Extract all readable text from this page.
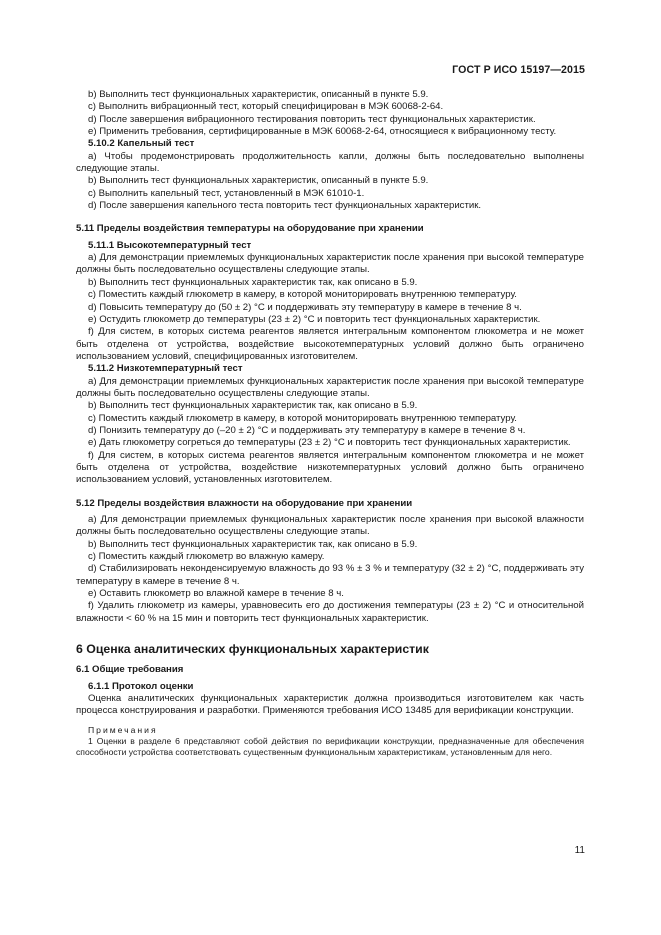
ГОСТ Р ИСО 15197—2015

b) Выполнить тест функциональных характеристик, описанный в пункте 5.9.

c) Выполнить вибрационный тест, который специфицирован в МЭК 60068-2-64.

d) После завершения вибрационного тестирования повторить тест функциональных характеристик.

e) Применить требования, сертифицированные в МЭК 60068-2-64, относящиеся к вибрационному тесту.

5.10.2 Капельный тест

a) Чтобы продемонстрировать продолжительность капли, должны быть последовательно выполнены следующие этапы.

b) Выполнить тест функциональных характеристик, описанный в пункте 5.9.

c) Выполнить капельный тест, установленный в МЭК 61010-1.

d) После завершения капельного теста повторить тест функциональных характеристик.

5.11 Пределы воздействия температуры на оборудование при хранении

5.11.1 Высокотемпературный тест

a) Для демонстрации приемлемых функциональных характеристик после хранения при высокой температуре должны быть последовательно осуществлены следующие этапы.

b) Выполнить тест функциональных характеристик так, как описано в 5.9.

c) Поместить каждый глюкометр в камеру, в которой мониторировать внутреннюю температуру.

d) Повысить температуру до (50 ± 2) °С и поддерживать эту температуру в камере в течение 8 ч.

e) Остудить глюкометр до температуры (23 ± 2) °С и повторить тест функциональных характеристик.

f) Для систем, в которых система реагентов является интегральным компонентом глюкометра и не может быть отделена от устройства, воздействие высокотемпературных условий должно быть ограничено использованием условий, специфицированных изготовителем.

5.11.2 Низкотемпературный тест

a) Для демонстрации приемлемых функциональных характеристик после хранения при высокой температуре должны быть последовательно осуществлены следующие этапы.

b) Выполнить тест функциональных характеристик так, как описано в 5.9.

c) Поместить каждый глюкометр в камеру, в которой мониторировать внутреннюю температуру.

d) Понизить температуру до (–20 ± 2) °С и поддерживать эту температуру в камере в течение 8 ч.

e) Дать глюкометру согреться до температуры (23 ± 2) °С и повторить тест функциональных характеристик.

f) Для систем, в которых система реагентов является интегральным компонентом глюкометра и не может быть отделена от устройства, воздействие низкотемпературных условий должно быть ограничено использованием условий, установленных изготовителем.

5.12 Пределы воздействия влажности на оборудование при хранении

a) Для демонстрации приемлемых функциональных характеристик после хранения при высокой влажности должны быть последовательно осуществлены следующие этапы.

b) Выполнить тест функциональных характеристик так, как описано в 5.9.

c) Поместить каждый глюкометр во влажную камеру.

d) Стабилизировать неконденсируемую влажность до 93 % ± 3 % и температуру (32 ± 2) °С, поддерживать эту температуру в камере в течение 8 ч.

e) Оставить глюкометр во влажной камере в течение 8 ч.

f) Удалить глюкометр из камеры, уравновесить его до достижения температуры (23 ± 2) °С и относительной влажности < 60 % на 15 мин и повторить тест функциональных характеристик.

6 Оценка аналитических функциональных характеристик

6.1 Общие требования

6.1.1 Протокол оценки

Оценка аналитических функциональных характеристик должна производиться изготовителем как часть процесса конструирования и разработки. Применяются требования ИСО 13485 для верификации конструкции.

Примечания

1 Оценки в разделе 6 представляют собой действия по верификации конструкции, предназначенные для обеспечения способности устройства соответствовать существенным функциональным характеристикам, установленным для него.

11
